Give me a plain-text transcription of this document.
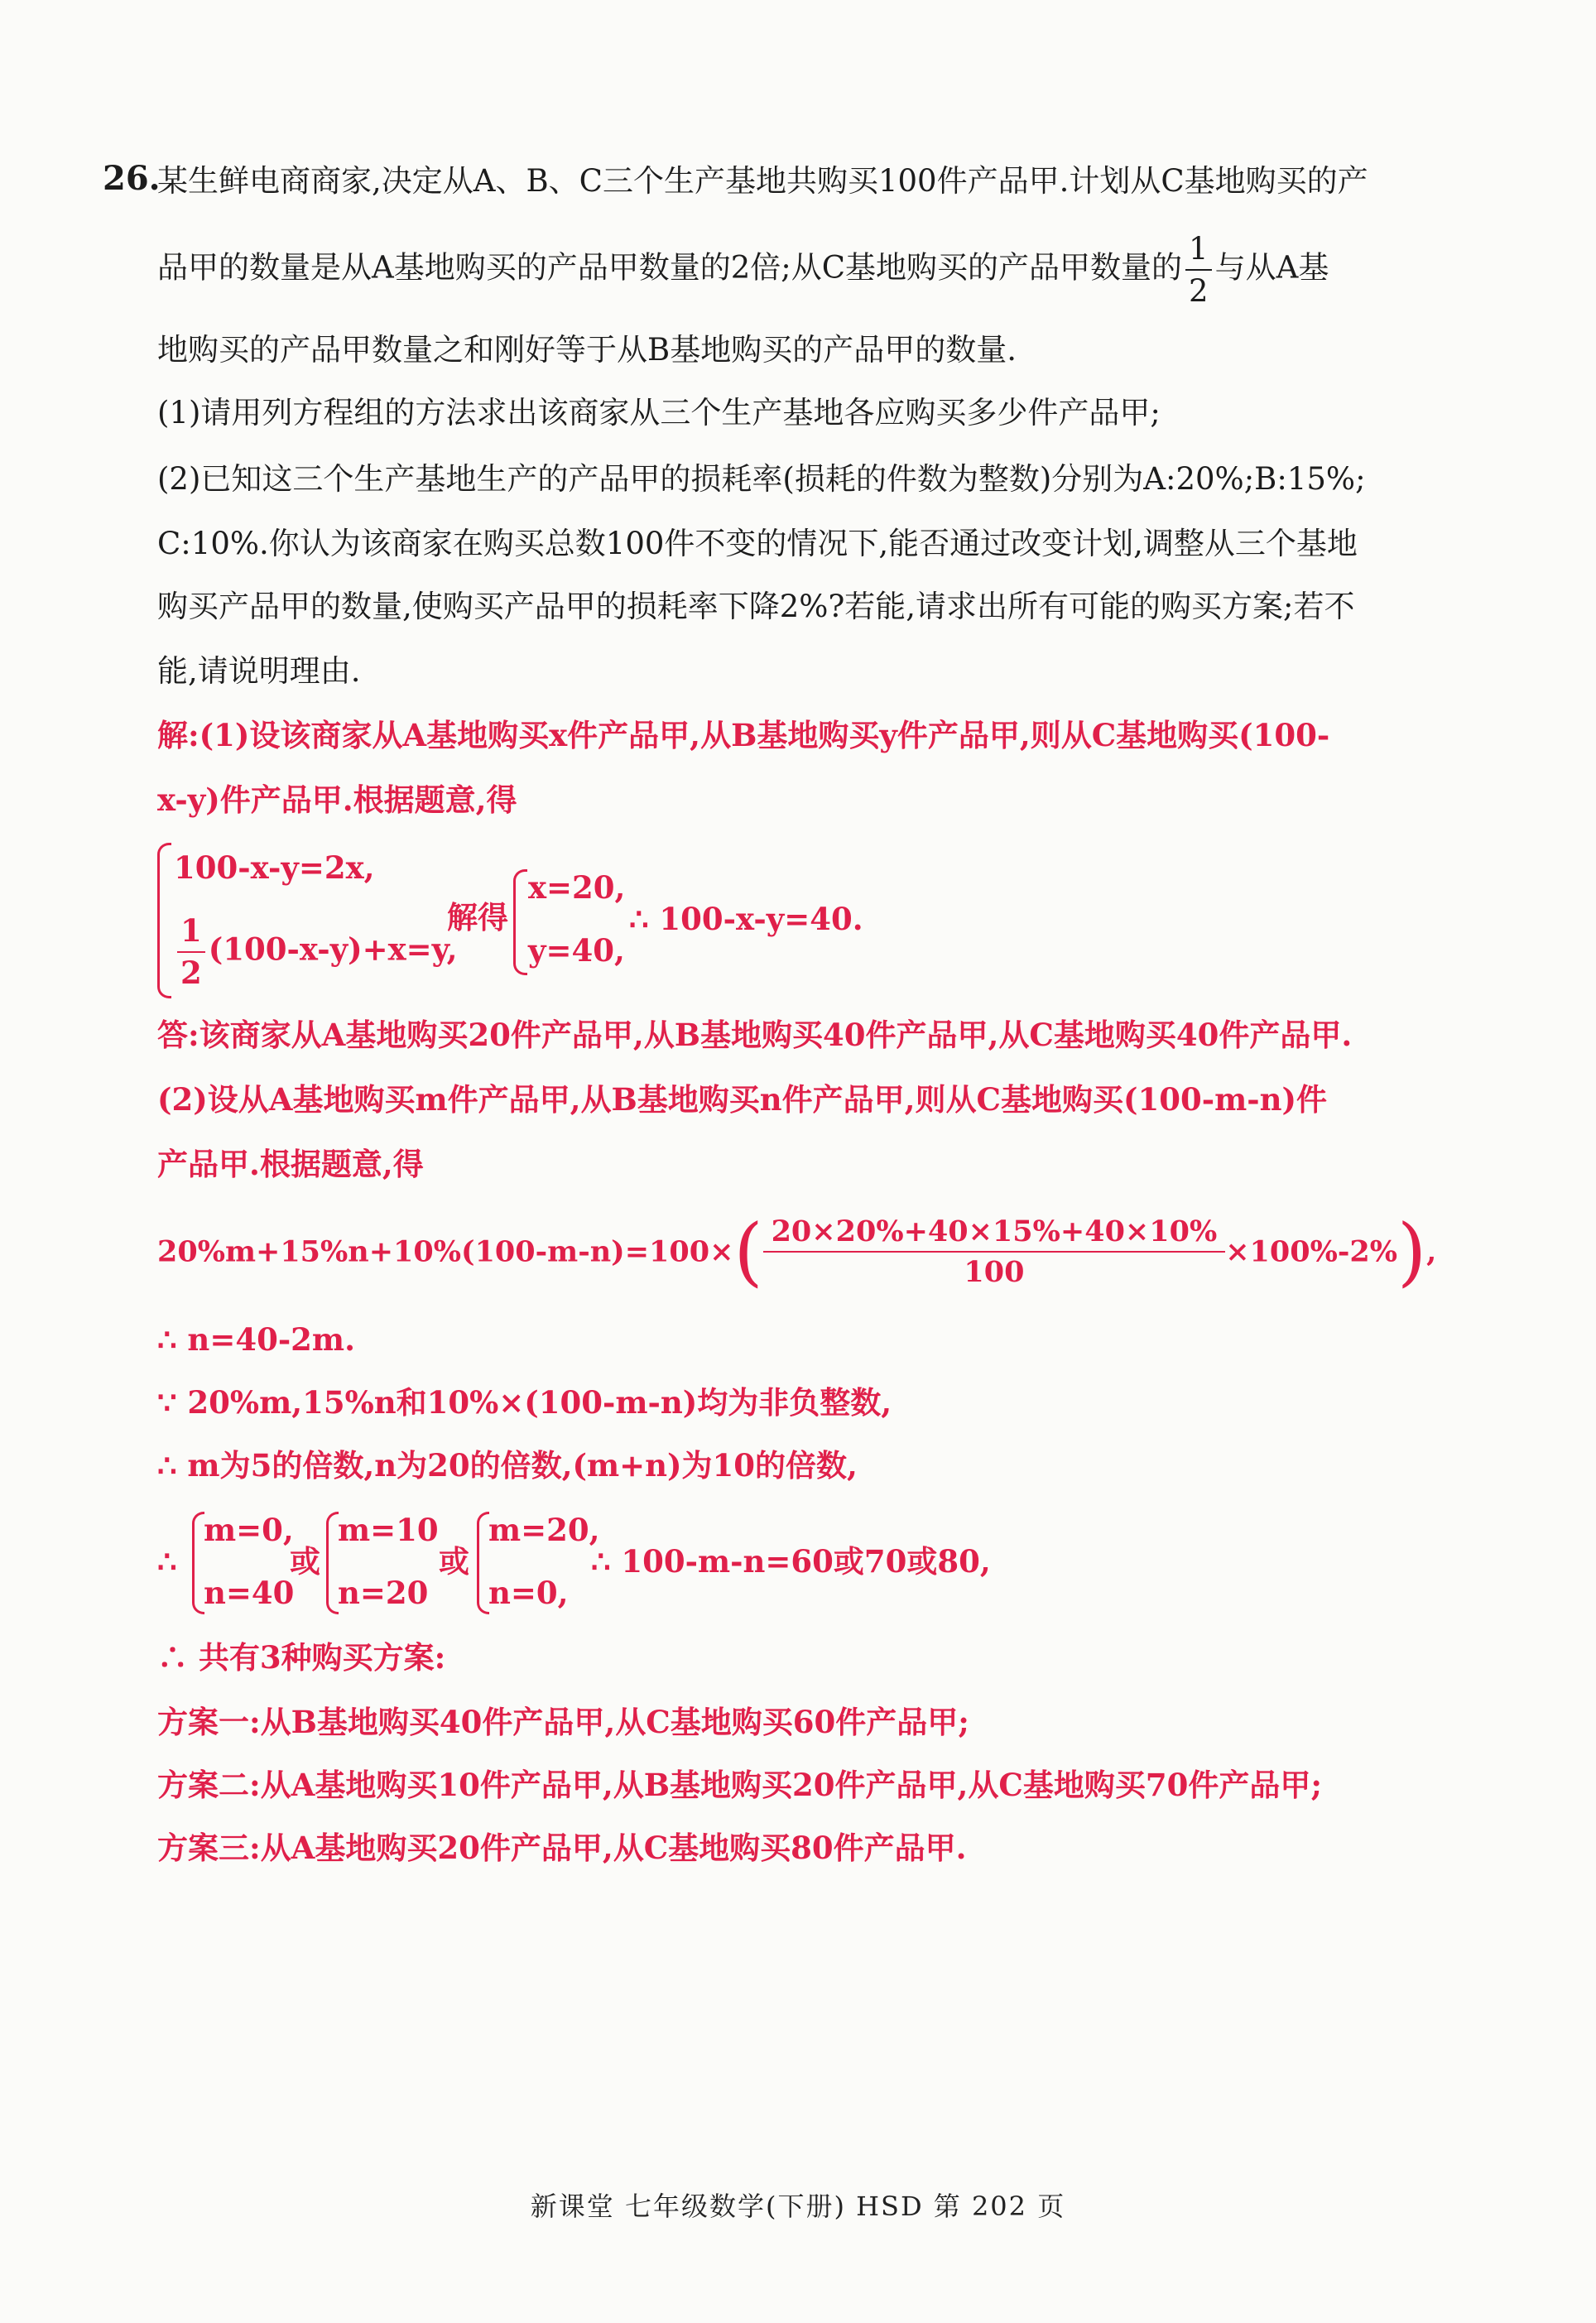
26.
某生鲜电商商家,决定从A、B、C三个生产基地共购买100件产品甲.计划从C基地购买的产
品甲的数量是从A基地购买的产品甲数量的2倍;从C基地购买的产品甲数量的 $\frac{1}{2}$ 与从A基
地购买的产品甲数量之和刚好等于从B基地购买的产品甲的数量.
(1)请用列方程组的方法求出该商家从三个生产基地各应购买多少件产品甲;
(2)已知这三个生产基地生产的产品甲的损耗率(损耗的件数为整数)分别为A:20%;B:15%;
C:10%.你认为该商家在购买总数100件不变的情况下,能否通过改变计划,调整从三个基地
购买产品甲的数量,使购买产品甲的损耗率下降2%?若能,请求出所有可能的购买方案;若不
能,请说明理由.
解:(1)设该商家从A基地购买x件产品甲,从B基地购买y件产品甲,则从C基地购买(100-
x-y)件产品甲.根据题意,得
100-x-y=2x,
$\frac{1}{2} (100-x-y)+x=y$,
解得
x=20,
y=40,
∴ 100-x-y=40.
答:该商家从A基地购买20件产品甲,从B基地购买40件产品甲,从C基地购买40件产品甲.
(2)设从A基地购买m件产品甲,从B基地购买n件产品甲,则从C基地购买(100-m-n)件
产品甲.根据题意,得
$20\%m+15\%n+10\%(100-m-n)=100\times( \frac{20\times 20\%+40\times 15\%+40\times 10\%}{100} \times 100\%-2\%)$,
∴ n=40-2m.
∵ 20%m,15%n和10%×(100-m-n)均为非负整数,
∴ m为5的倍数,n为20的倍数,(m+n)为10的倍数,
∴
m=0,
n=40
或
m=10
n=20
或
m=20,
n=0,
∴ 100-m-n=60或70或80,
∴ 共有3种购买方案:
方案一:从B基地购买40件产品甲,从C基地购买60件产品甲;
方案二:从A基地购买10件产品甲,从B基地购买20件产品甲,从C基地购买70件产品甲;
方案三:从A基地购买20件产品甲,从C基地购买80件产品甲.
新课堂 七年级数学(下册) HSD 第 202 页
